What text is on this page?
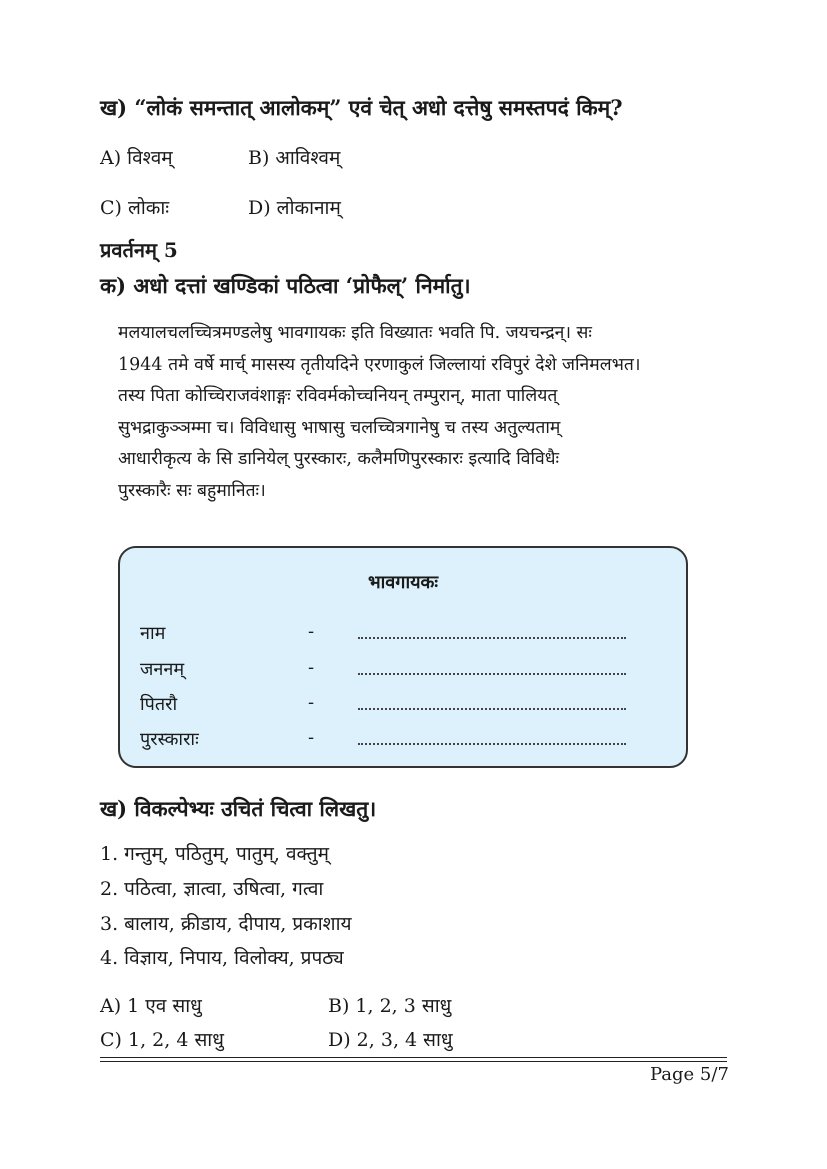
ख) “लोकं समन्तात् आलोकम्” एवं चेत् अधो दत्तेषु समस्तपदं किम्?
A) विश्वम्	B) आविश्वम्
C) लोकाः	D) लोकानाम्
प्रवर्तनम् 5
क) अधो दत्तां खण्डिकां पठित्वा ‘प्रोफैल्’ निर्मातु।
मलयालचलच्चित्रमण्डलेषु भावगायकः इति विख्यातः भवति पि. जयचन्द्रन्। सः
1944 तमे वर्षे मार्च् मासस्य तृतीयदिने एरणाकुलं जिल्लायां रविपुरं देशे जनिमलभत।
तस्य पिता कोच्चिराजवंशाङ्गः रविवर्मकोच्चनियन् तम्पुरान्, माता पालियत्
सुभद्राकुञ्ञम्मा च। विविधासु भाषासु चलच्चित्रगानेषु च तस्य अतुल्यताम्
आधारीकृत्य के सि डानियेल् पुरस्कारः, कलैमणिपुरस्कारः इत्यादि विविधैः
पुरस्कारैः सः बहुमानितः।
भावगायकः
नाम	-
जननम्	-
पितरौ	-
पुरस्काराः	-
ख) विकल्पेभ्यः उचितं चित्वा लिखतु।
1. गन्तुम्, पठितुम्, पातुम्, वक्तुम्
2. पठित्वा, ज्ञात्वा, उषित्वा, गत्वा
3. बालाय, क्रीडाय, दीपाय, प्रकाशाय
4. विज्ञाय, निपाय, विलोक्य, प्रपठ्य
A) 1 एव साधु	B) 1, 2, 3 साधु
C) 1, 2, 4 साधु	D) 2, 3, 4 साधु
Page 5/7
